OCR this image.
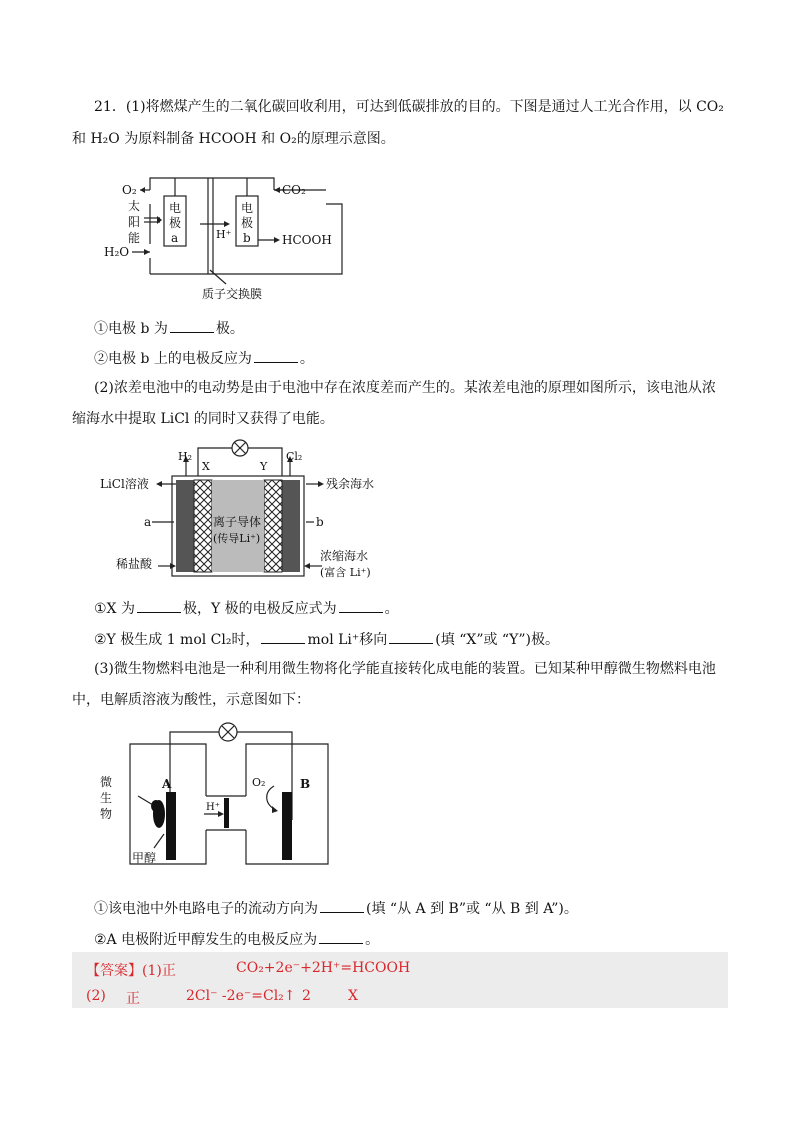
21．(1)将燃煤产生的二氧化碳回收利用，可达到低碳排放的目的。下图是通过人工光合作用，以 CO₂
和 H₂O 为原料制备 HCOOH 和 O₂的原理示意图。
O₂	CO₂
H₂O
HCOOH
太
阳
能
电
极
a
电
极
b
H⁺
质子交换膜
①电极 b 为	极。
②电极 b 上的电极反应为	。
(2)浓差电池中的电动势是由于电池中存在浓度差而产生的。某浓差电池的原理如图所示，该电池从浓
缩海水中提取 LiCl 的同时又获得了电能。
H₂	Cl₂
X	Y
LiCl溶液	残余海水
a	b
离子导体
(传导Li⁺)
稀盐酸
浓缩海水
(富含 Li⁺)
①X 为	极，Y 极的电极反应式为	。
②Y 极生成 1 mol Cl₂时，	mol Li⁺移向	(填 “X”或 “Y”)极。
(3)微生物燃料电池是一种利用微生物将化学能直接转化成电能的装置。已知某种甲醇微生物燃料电池
中，电解质溶液为酸性，示意图如下：
A	B
O₂
H⁺
微
生
物
甲醇
①该电池中外电路电子的流动方向为	(填 “从 A 到 B”或 “从 B 到 A”)。
②A 电极附近甲醇发生的电极反应为	。
【答案】 (1)正	CO₂+2e⁻+2H⁺=HCOOH
(2) 正	2Cl⁻ -2e⁻=Cl₂↑ 2	X
